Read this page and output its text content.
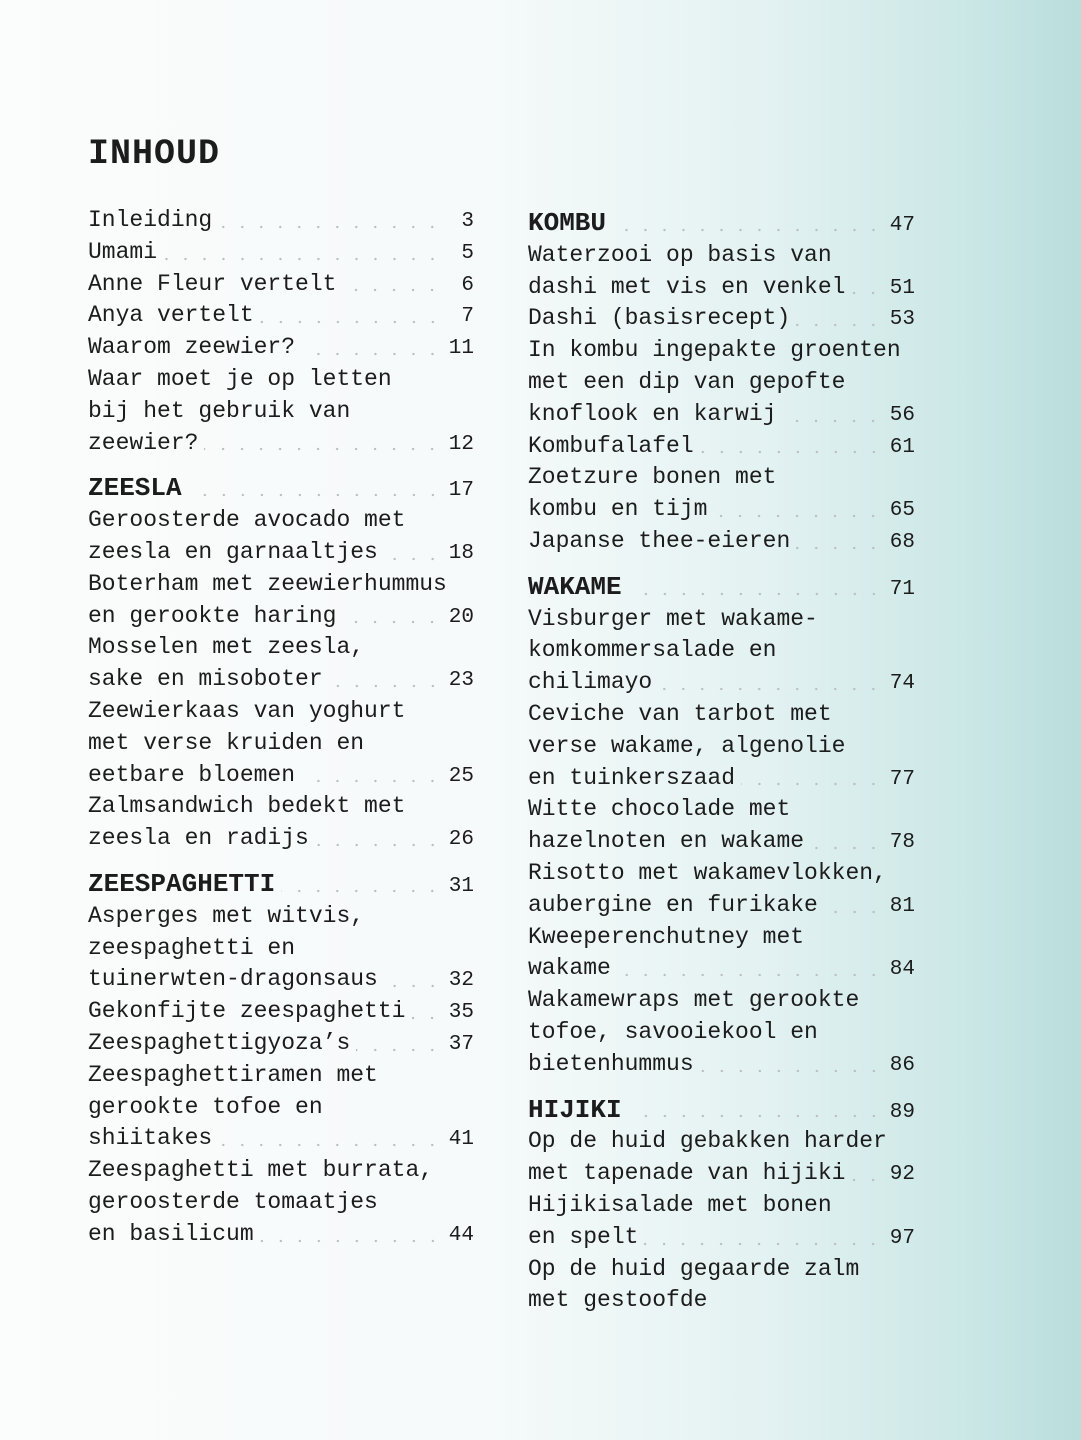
INHOUD
Inleiding	3
Umami	5
Anne Fleur vertelt	6
Anya vertelt	7
Waarom zeewier?	11
Waar moet je op letten
bij het gebruik van
zeewier?	12
ZEESLA	17
Geroosterde avocado met
zeesla en garnaaltjes	18
Boterham met zeewierhummus
en gerookte haring	20
Mosselen met zeesla,
sake en misoboter	23
Zeewierkaas van yoghurt
met verse kruiden en
eetbare bloemen	25
Zalmsandwich bedekt met
zeesla en radijs	26
ZEESPAGHETTI	31
Asperges met witvis,
zeespaghetti en
tuinerwten-dragonsaus	32
Gekonfijte zeespaghetti 35
Zeespaghettigyoza’s	37
Zeespaghettiramen met
gerookte tofoe en
shiitakes	41
Zeespaghetti met burrata,
geroosterde tomaatjes
en basilicum	44
KOMBU	47
Waterzooi op basis van
dashi met vis en venkel 51
Dashi (basisrecept)	53
In kombu ingepakte groenten
met een dip van gepofte
knoflook en karwij	56
Kombufalafel	61
Zoetzure bonen met
kombu en tijm	65
Japanse thee-eieren	68
WAKAME	71
Visburger met wakame-
komkommersalade en
chilimayo	74
Ceviche van tarbot met
verse wakame, algenolie
en tuinkerszaad	77
Witte chocolade met
hazelnoten en wakame	78
Risotto met wakamevlokken,
aubergine en furikake	81
Kweeperenchutney met
wakame	84
Wakamewraps met gerookte
tofoe, savooiekool en
bietenhummus	86
HIJIKI	89
Op de huid gebakken harder
met tapenade van hijiki 92
Hijikisalade met bonen
en spelt	97
Op de huid gegaarde zalm
met gestoofde
